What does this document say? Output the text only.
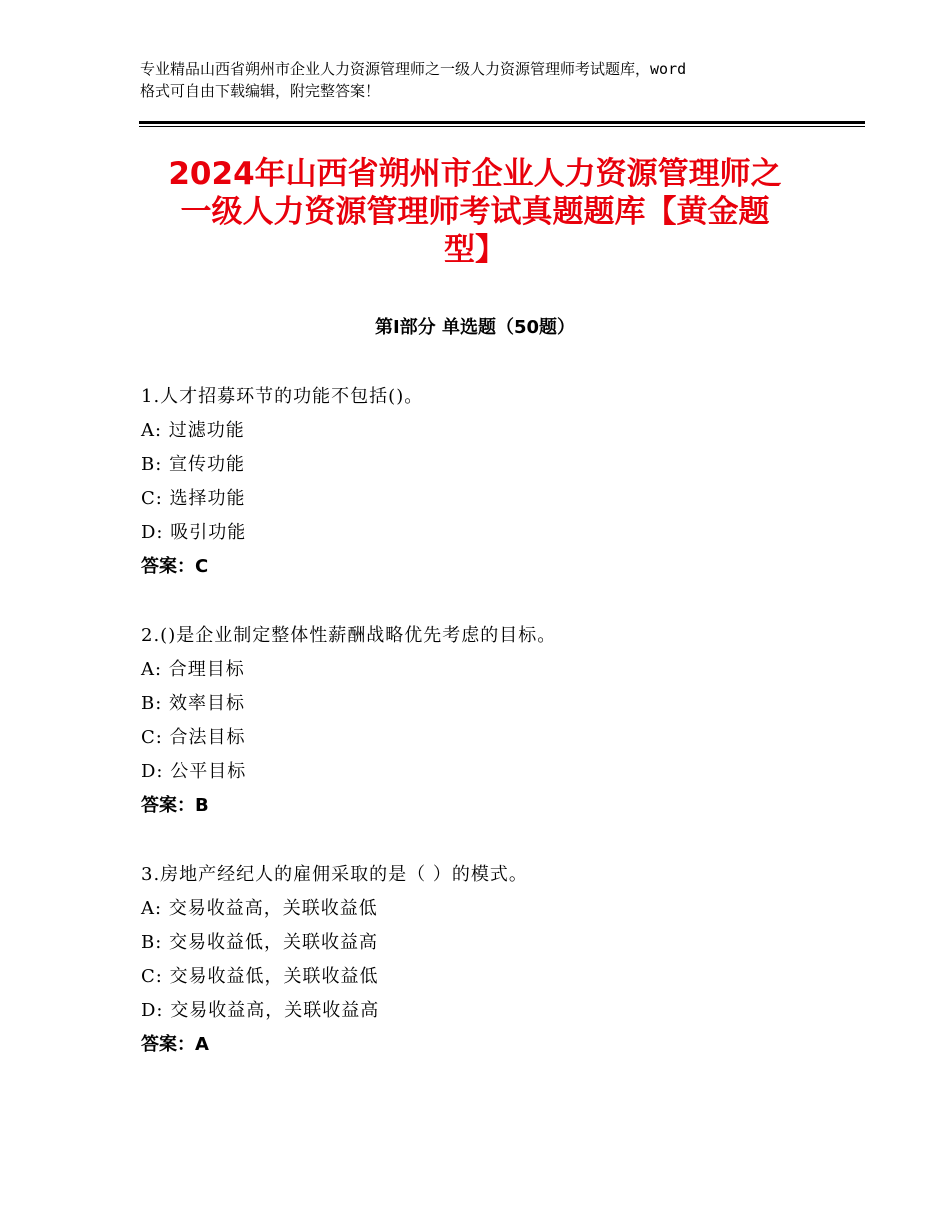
专业精品山西省朔州市企业人力资源管理师之一级人力资源管理师考试题库，word
格式可自由下载编辑，附完整答案！
2024年山西省朔州市企业人力资源管理师之
一级人力资源管理师考试真题题库【黄金题
型】
第Ⅰ部分 单选题（50题）
1.人才招募环节的功能不包括()。
A: 过滤功能
B: 宣传功能
C: 选择功能
D: 吸引功能
答案：C
2.()是企业制定整体性薪酬战略优先考虑的目标。
A: 合理目标
B: 效率目标
C: 合法目标
D: 公平目标
答案：B
3.房地产经纪人的雇佣采取的是（ ）的模式。
A: 交易收益高，关联收益低
B: 交易收益低，关联收益高
C: 交易收益低，关联收益低
D: 交易收益高，关联收益高
答案：A
